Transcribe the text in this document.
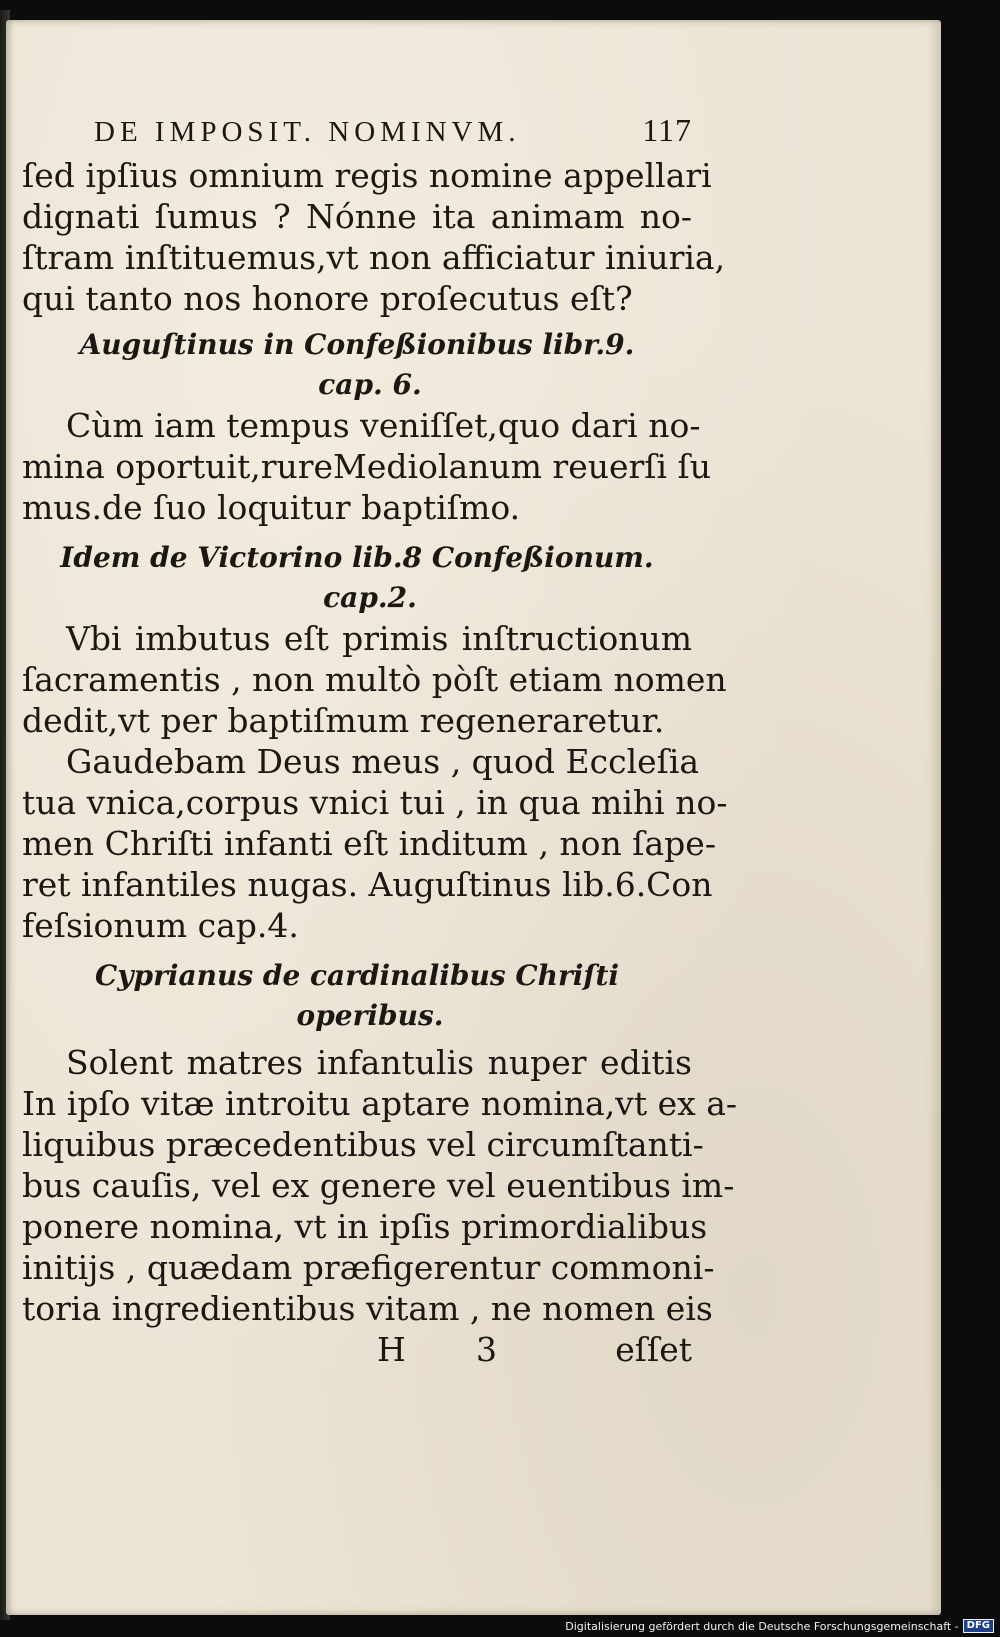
DE IMPOSIT. NOMINVM.	117
ſed ipſius omnium regis nomine appellari
dignati ſumus ? Nónne ita animam no-
ſtram inſtituemus,vt non afficiatur iniuria,
qui tanto nos honore proſecutus eſt?
Auguſtinus in Confeßionibus libr.9.
cap. 6.
Cùm iam tempus veniſſet,quo dari no-
mina oportuit,rureMediolanum reuerſi ſu
mus.de ſuo loquitur baptiſmo.
Idem de Victorino lib.8 Confeßionum.
cap.2.
Vbi imbutus eſt primis inſtructionum
ſacramentis , non multò pòſt etiam nomen
dedit,vt per baptiſmum regeneraretur.
Gaudebam Deus meus , quod Eccleſia
tua vnica,corpus vnici tui , in qua mihi no-
men Chriſti infanti eſt inditum , non ſape-
ret infantiles nugas. Auguſtinus lib.6.Con
feſsionum cap.4.
Cyprianus de cardinalibus Chriſti
operibus.
Solent matres infantulis nuper editis
In ipſo vitæ introitu aptare nomina,vt ex a-
liquibus præcedentibus vel circumſtanti-
bus cauſis, vel ex genere vel euentibus im-
ponere nomina, vt in ipſis primordialibus
initijs , quædam præfigerentur commoni-
toria ingredientibus vitam , ne nomen eis
H 3	eſſet
Digitalisierung gefördert durch die Deutsche Forschungsgemeinschaft - DFG
